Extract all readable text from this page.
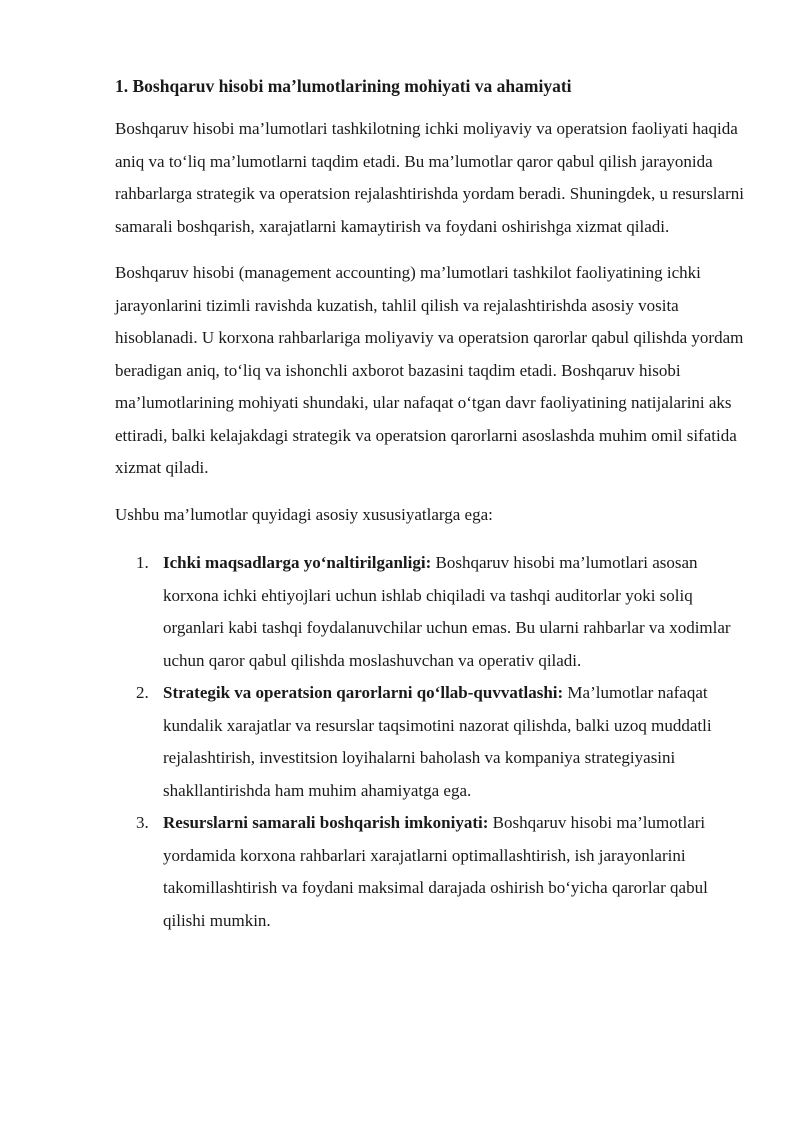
1. Boshqaruv hisobi ma’lumotlarining mohiyati va ahamiyati

Boshqaruv hisobi ma’lumotlari tashkilotning ichki moliyaviy va operatsion faoliyati haqida aniq va to‘liq ma’lumotlarni taqdim etadi. Bu ma’lumotlar qaror qabul qilish jarayonida rahbarlarga strategik va operatsion rejalashtirishda yordam beradi. Shuningdek, u resurslarni samarali boshqarish, xarajatlarni kamaytirish va foydani oshirishga xizmat qiladi.

Boshqaruv hisobi (management accounting) ma’lumotlari tashkilot faoliyatining ichki jarayonlarini tizimli ravishda kuzatish, tahlil qilish va rejalashtirishda asosiy vosita hisoblanadi. U korxona rahbarlariga moliyaviy va operatsion qarorlar qabul qilishda yordam beradigan aniq, to‘liq va ishonchli axborot bazasini taqdim etadi. Boshqaruv hisobi ma’lumotlarining mohiyati shundaki, ular nafaqat o‘tgan davr faoliyatining natijalarini aks ettiradi, balki kelajakdagi strategik va operatsion qarorlarni asoslashda muhim omil sifatida xizmat qiladi.

Ushbu ma’lumotlar quyidagi asosiy xususiyatlarga ega:

1. Ichki maqsadlarga yo‘naltirilganligi: Boshqaruv hisobi ma’lumotlari asosan korxona ichki ehtiyojlari uchun ishlab chiqiladi va tashqi auditorlar yoki soliq organlari kabi tashqi foydalanuvchilar uchun emas. Bu ularni rahbarlar va xodimlar uchun qaror qabul qilishda moslashuvchan va operativ qiladi.
2. Strategik va operatsion qarorlarni qo‘llab-quvvatlashi: Ma’lumotlar nafaqat kundalik xarajatlar va resurslar taqsimotini nazorat qilishda, balki uzoq muddatli rejalashtirish, investitsion loyihalarni baholash va kompaniya strategiyasini shakllantirishda ham muhim ahamiyatga ega.
3. Resurslarni samarali boshqarish imkoniyati: Boshqaruv hisobi ma’lumotlari yordamida korxona rahbarlari xarajatlarni optimallashtirish, ish jarayonlarini takomillashtirish va foydani maksimal darajada oshirish bo‘yicha qarorlar qabul qilishi mumkin.
